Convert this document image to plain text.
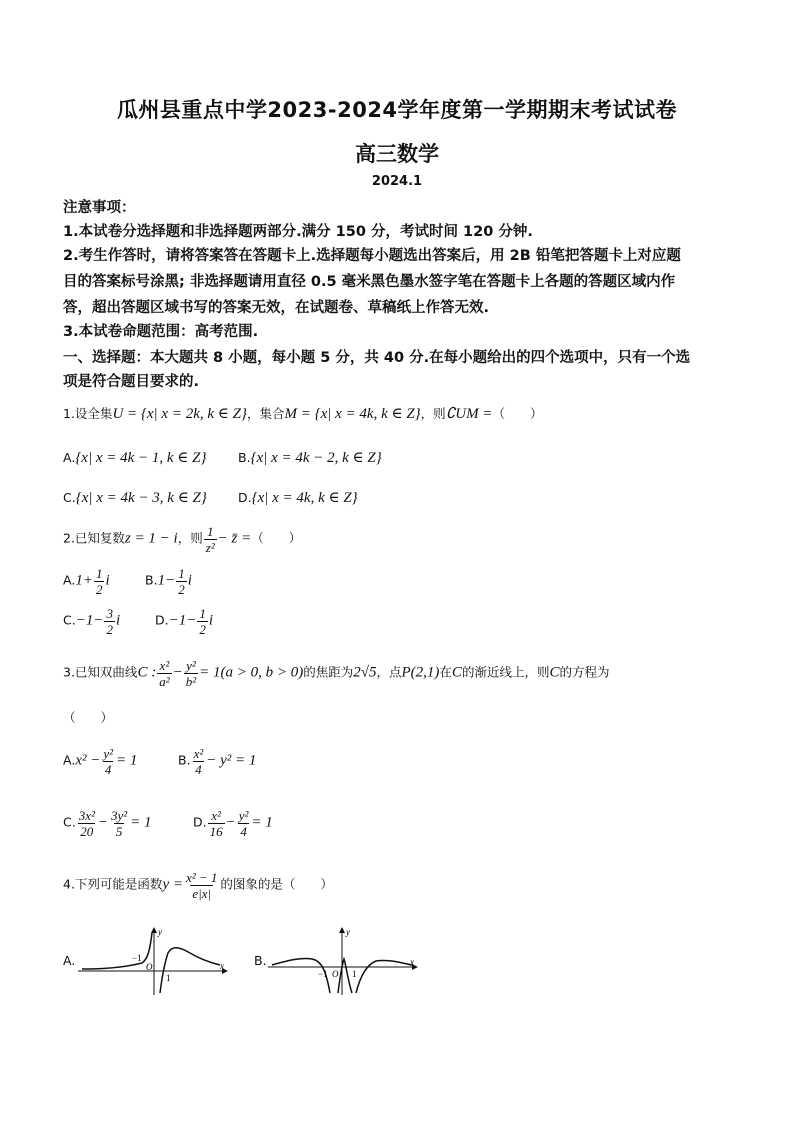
瓜州县重点中学2023-2024学年度第一学期期末考试试卷
高三数学
2024.1
注意事项：
1.本试卷分选择题和非选择题两部分.满分 150 分，考试时间 120 分钟.
2.考生作答时，请将答案答在答题卡上.选择题每小题选出答案后，用 2B 铅笔把答题卡上对应题
目的答案标号涂黑; 非选择题请用直径 0.5 毫米黑色墨水签字笔在答题卡上各题的答题区域内作
答，超出答题区域书写的答案无效，在试题卷、草稿纸上作答无效.
3.本试卷命题范围：高考范围.
一、选择题：本大题共 8 小题，每小题 5 分，共 40 分.在每小题给出的四个选项中，只有一个选
项是符合题目要求的.
1.设全集U = {x| x = 2k, k ∈ Z}，集合M = {x| x = 4k, k ∈ Z}，则∁UM =（　　）
A.{x| x = 4k − 1, k ∈ Z}	B.{x| x = 4k − 2, k ∈ Z}
C.{x| x = 4k − 3, k ∈ Z} D.{x| x = 4k, k ∈ Z}
2.已知复数z = 1 − i，则 $\frac{1}{\text{z²}}$ − z̄ =（　　）
$A.1+ \frac{1}{2}$ i	$B.1- \frac{1}{2}$ i
$C.-1- \frac{3}{2}$ i	$D.-1- \frac{1}{2}$ i
3.已知双曲线C : $\frac{\text{x²}}{\text{a²}} - \frac{\text{y²}}{\text{b²}} = 1(a > 0$, b > 0)的焦距为2√5，点P(2,1)在C的渐近线上，则C的方程为
（　　）
$A.x^2 - \frac{\text{y²}}{4} = 1$	B. $\frac{\text{x²}}{4} - y^2 = 1$
C. $\frac{\text{3x²}}{20} - \frac{\text{3y²}}{5} = 1$	D. $\frac{\text{x²}}{16} - \frac{\text{y²}}{4} = 1$
4.下列可能是函数$y = \frac{\text{x² − 1}}{e|x|}$ 的图象的是（　　）
A.	−1
O
1
x
y
B.
−1 O 1
x
y
